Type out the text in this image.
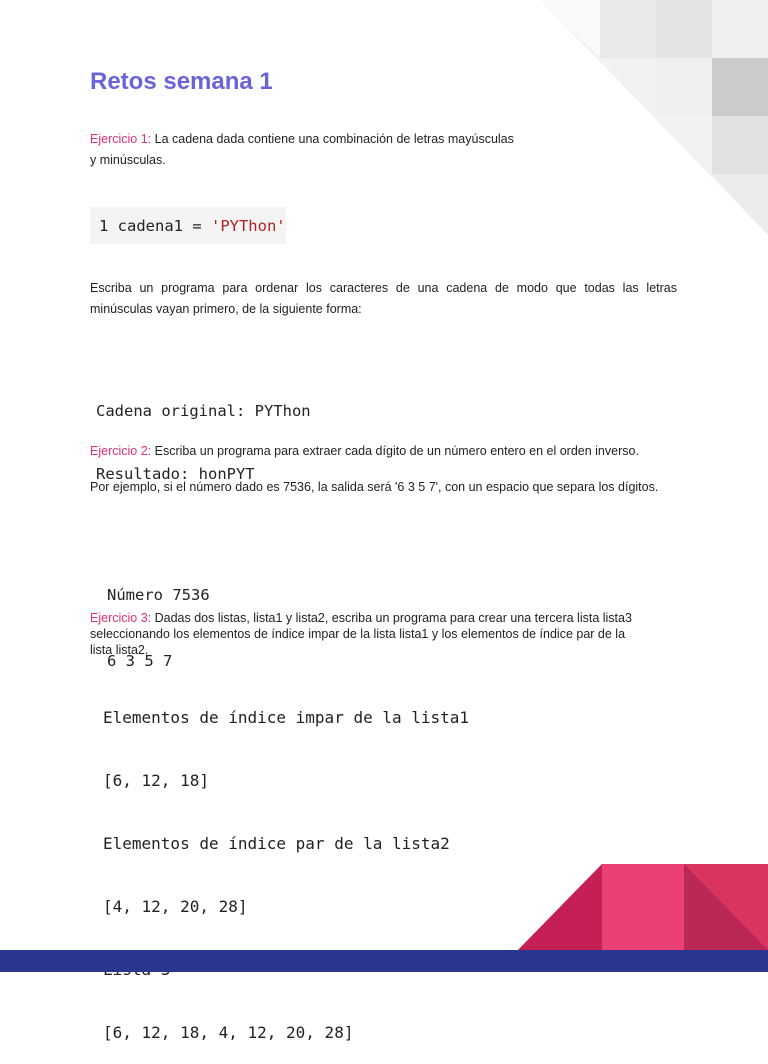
Retos semana 1
Ejercicio 1: La cadena dada contiene una combinación de letras mayúsculas
y minúsculas.
1 cadena1 = 'PYThon'
Escriba un programa para ordenar los caracteres de una cadena de modo que todas las letras minúsculas vayan primero, de la siguiente forma:

Cadena original: PYThon

Resultado: honPYT

Ejercicio 2: Escriba un programa para extraer cada dígito de un número entero en el orden inverso.
Por ejemplo, si el número dado es 7536, la salida será '6 3 5 7', con un espacio que separa los dígitos.

Número 7536

6 3 5 7

Ejercicio 3: Dadas dos listas, lista1 y lista2, escriba un programa para crear una tercera lista lista3
seleccionando los elementos de índice impar de la lista lista1 y los elementos de índice par de la
lista lista2.

Elementos de índice impar de la lista1

[6, 12, 18]

Elementos de índice par de la lista2

[4, 12, 20, 28]

[6, 12, 18, 4, 12, 20, 28]
